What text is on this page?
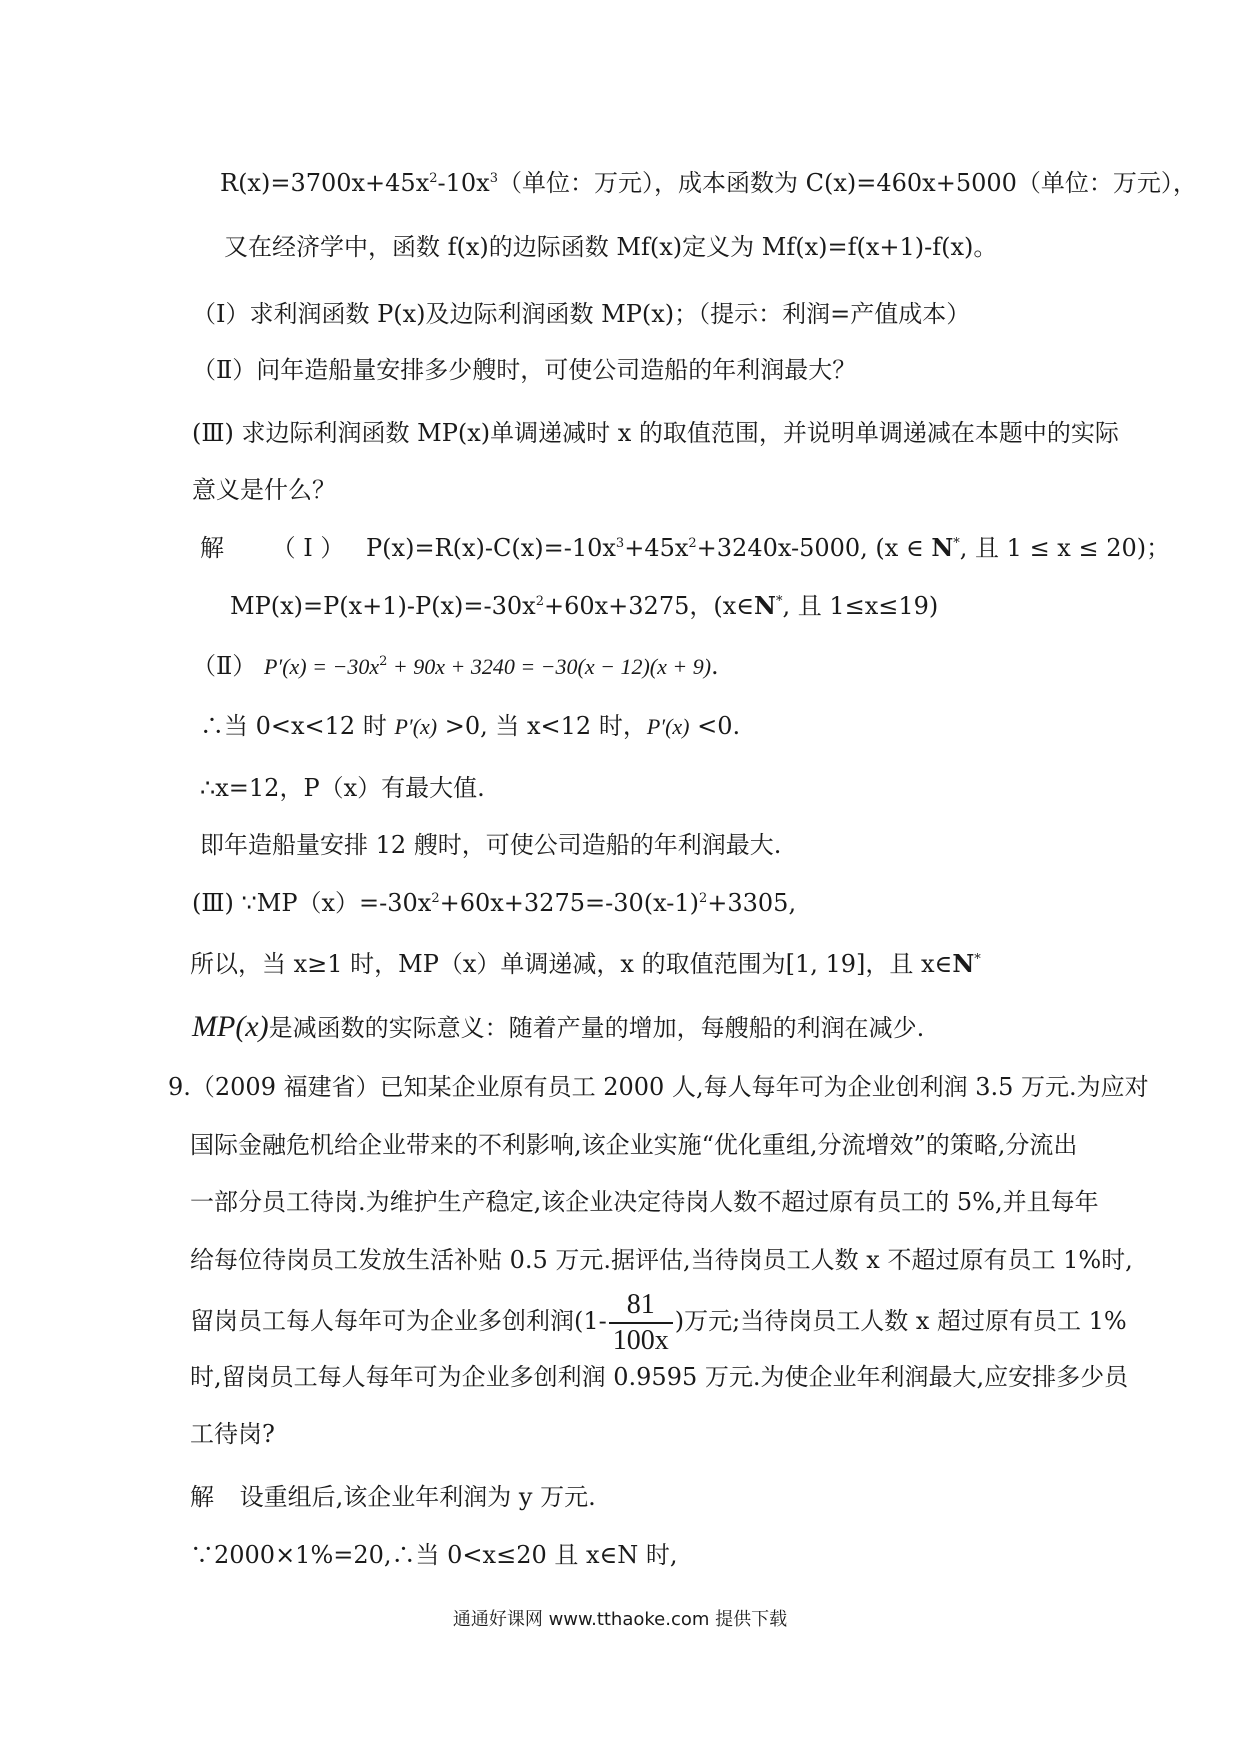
$R(x)=3700x+45x^2-10x^3$（单位：万元），成本函数为 C(x)=460x+5000（单位：万元），
又在经济学中，函数 f(x)的边际函数 Mf(x)定义为 Mf(x)=f(x+1)-f(x)。
（Ⅰ）求利润函数 P(x)及边际利润函数 MP(x)；（提示：利润=产值成本）
（Ⅱ）问年造船量安排多少艘时，可使公司造船的年利润最大？
(Ⅲ) 求边际利润函数 MP(x)单调递减时 x 的取值范围，并说明单调递减在本题中的实际
意义是什么？
解 （ Ⅰ ） $P(x)=R(x)-C(x)=-10x^3+45x^2+3240x-5000$, (x ∈ N*, 且 1 ≤ x ≤ 20)；
$MP(x)=P(x+1)-P(x)=-30x^2+60x+3275$，(x∈N*, 且 1≤x≤19)
（Ⅱ） $P'(x) = -30x^2 + 90x + 3240 = -30(x - 12)(x + 9)$.
∴当 0<x<12 时 P′(x) >0, 当 x<12 时，P′(x) <0.
∴x=12，P（x）有最大值.
即年造船量安排 12 艘时，可使公司造船的年利润最大.
(Ⅲ) $\because MP(x)=-30x^2+60x+3275=-30(x-1)^2+3305$,
所以，当 x≥1 时，MP（x）单调递减，x 的取值范围为[1, 19]，且 x∈N*
MP(x)是减函数的实际意义：随着产量的增加，每艘船的利润在减少.
9.（2009 福建省）已知某企业原有员工 2000 人,每人每年可为企业创利润 3.5 万元.为应对
国际金融危机给企业带来的不利影响,该企业实施“优化重组,分流增效”的策略,分流出
一部分员工待岗.为维护生产稳定,该企业决定待岗人数不超过原有员工的 5%,并且每年
给每位待岗员工发放生活补贴 0.5 万元.据评估,当待岗员工人数 x 不超过原有员工 1%时,
留岗员工每人每年可为企业多创利润($1- \frac{81}{100x}$ )万元;当待岗员工人数 x 超过原有员工 1%
时,留岗员工每人每年可为企业多创利润 0.9595 万元.为使企业年利润最大,应安排多少员
工待岗?
解 设重组后,该企业年利润为 y 万元.
∵2000×1%=20,∴当 0<x≤20 且 x∈N 时,
通通好课网 www.tthaoke.com 提供下载
